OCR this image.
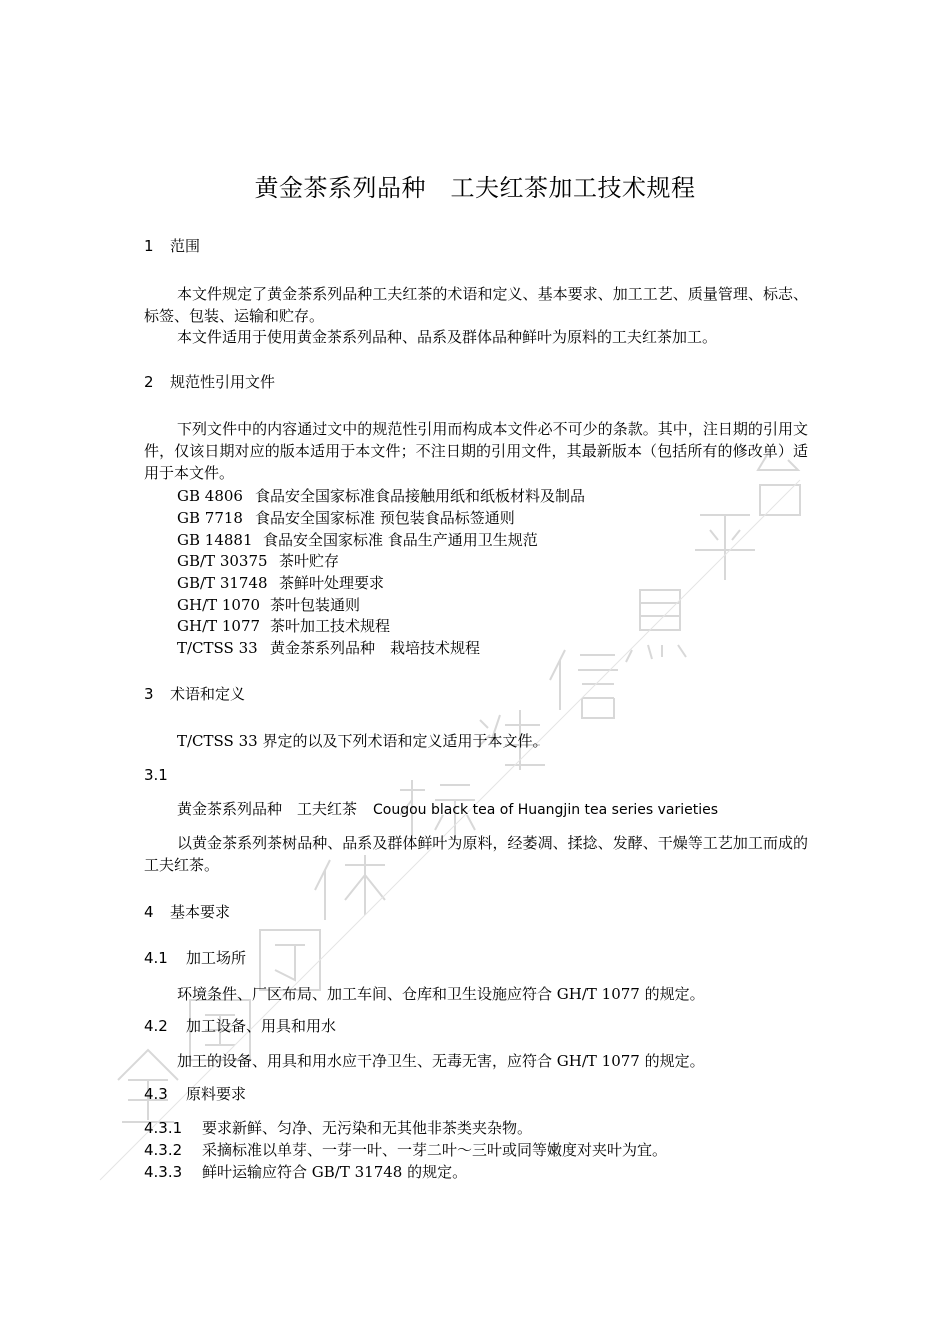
黄金茶系列品种　工夫红茶加工技术规程
1 范围
本文件规定了黄金茶系列品种工夫红茶的术语和定义、基本要求、加工工艺、质量管理、标志、标签、包装、运输和贮存。
本文件适用于使用黄金茶系列品种、品系及群体品种鲜叶为原料的工夫红茶加工。
2 规范性引用文件
下列文件中的内容通过文中的规范性引用而构成本文件必不可少的条款。其中，注日期的引用文件，仅该日期对应的版本适用于本文件；不注日期的引用文件，其最新版本（包括所有的修改单）适用于本文件。
GB 4806 食品安全国家标准食品接触用纸和纸板材料及制品
GB 7718 食品安全国家标准 预包装食品标签通则
GB 14881 食品安全国家标准 食品生产通用卫生规范
GB/T 30375 茶叶贮存
GB/T 31748 茶鲜叶处理要求
GH/T 1070 茶叶包装通则
GH/T 1077 茶叶加工技术规程
T/CTSS 33 黄金茶系列品种　栽培技术规程
3 术语和定义
T/CTSS 33 界定的以及下列术语和定义适用于本文件。
3.1
黄金茶系列品种　工夫红茶 Cougou black tea of Huangjin tea series varieties
以黄金茶系列茶树品种、品系及群体鲜叶为原料，经萎凋、揉捻、发酵、干燥等工艺加工而成的工夫红茶。
4 基本要求
4.1 加工场所
环境条件、厂区布局、加工车间、仓库和卫生设施应符合 GH/T 1077 的规定。
4.2 加工设备、用具和用水
加工的设备、用具和用水应干净卫生、无毒无害，应符合 GH/T 1077 的规定。
4.3 原料要求
4.3.1 要求新鲜、匀净、无污染和无其他非茶类夹杂物。
4.3.2 采摘标准以单芽、一芽一叶、一芽二叶～三叶或同等嫩度对夹叶为宜。
4.3.3 鲜叶运输应符合 GB/T 31748 的规定。
